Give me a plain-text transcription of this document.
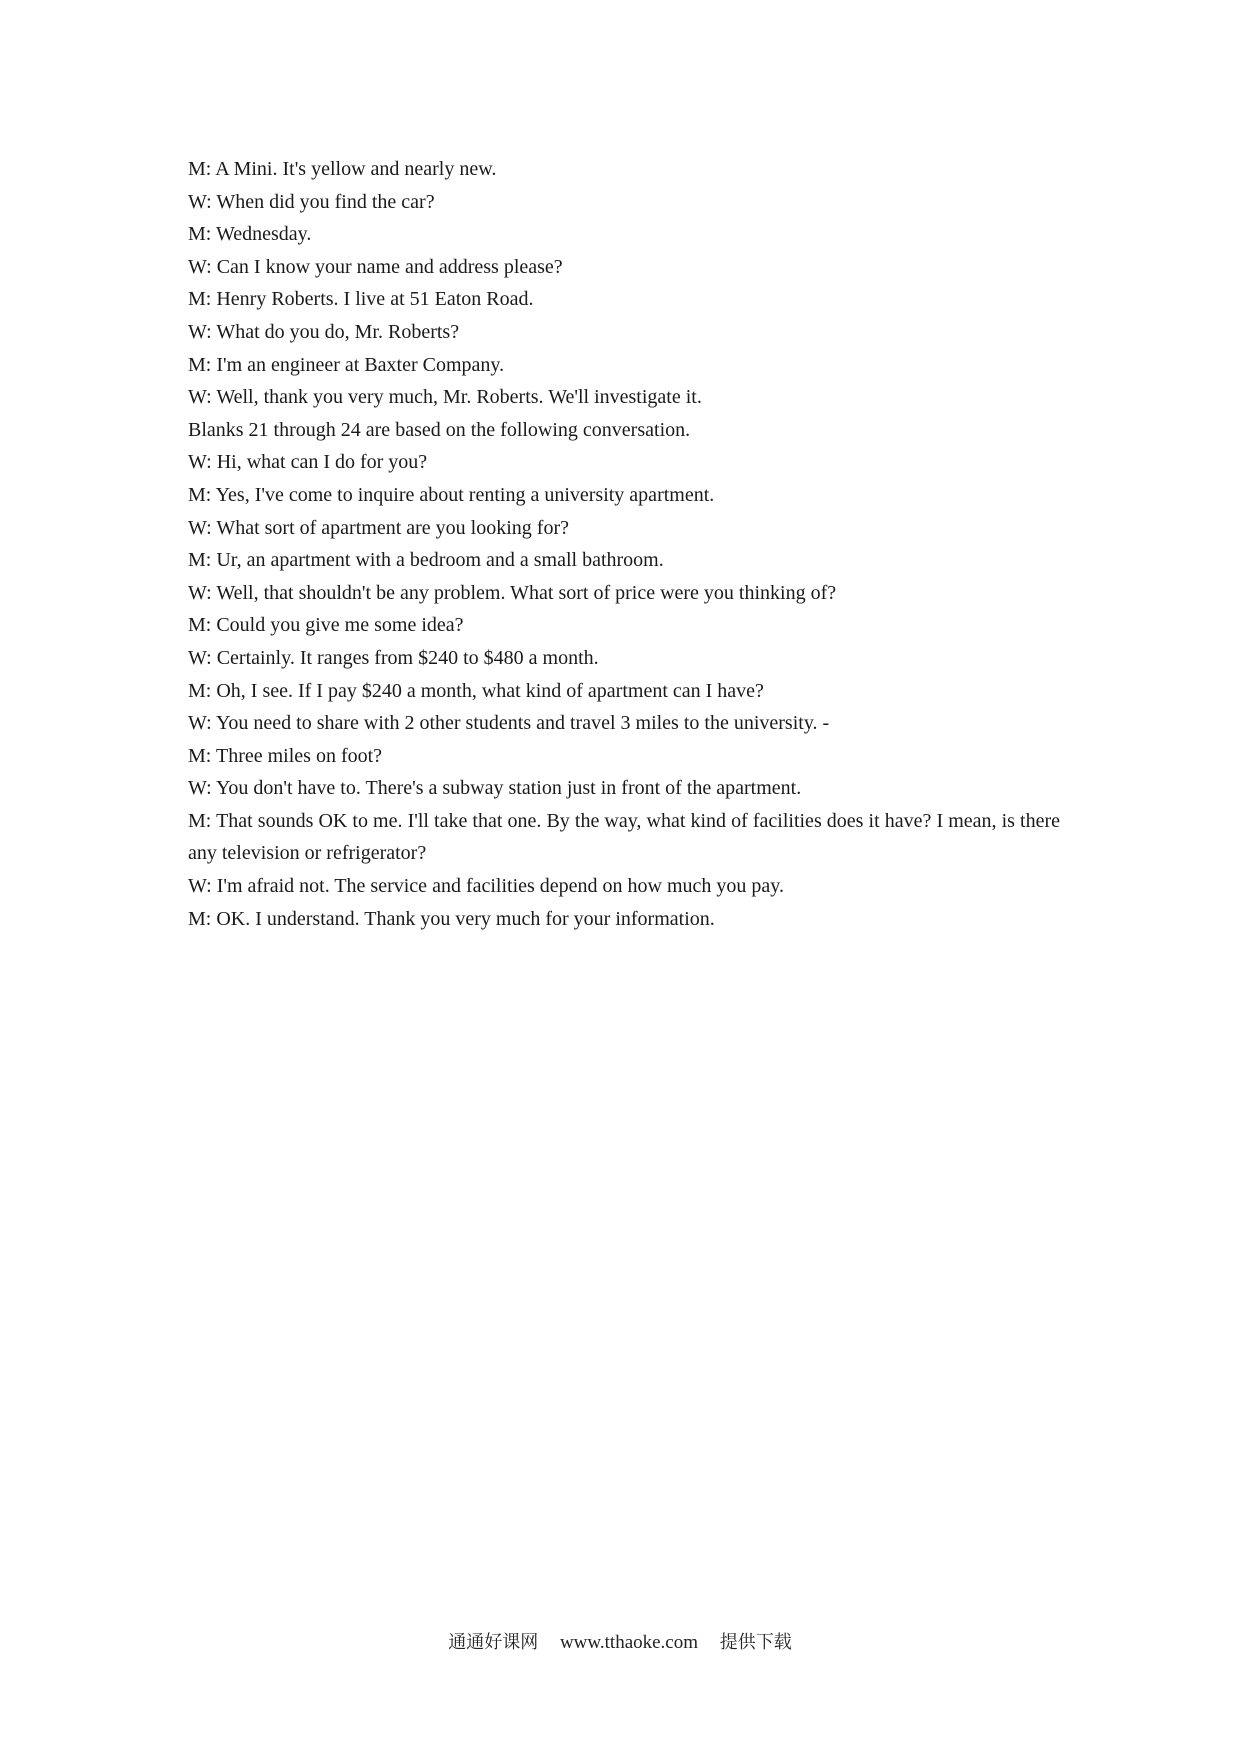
M: A Mini. It's yellow and nearly new.
W: When did you find the car?
M: Wednesday.
W: Can I know your name and address please?
M: Henry Roberts. I live at 51 Eaton Road.
W: What do you do, Mr. Roberts?
M: I'm an engineer at Baxter Company.
W: Well, thank you very much, Mr. Roberts. We'll investigate it.
Blanks 21 through 24 are based on the following conversation.
W: Hi, what can I do for you?
M: Yes, I've come to inquire about renting a university apartment.
W: What sort of apartment are you looking for?
M: Ur, an apartment with a bedroom and a small bathroom.
W: Well, that shouldn't be any problem. What sort of price were you thinking of?
M: Could you give me some idea?
W: Certainly. It ranges from $240 to $480 a month.
M: Oh, I see. If I pay $240 a month, what kind of apartment can I have?
W: You need to share with 2 other students and travel 3 miles to the university. -
M: Three miles on foot?
W: You don't have to. There's a subway station just in front of the apartment.
M: That sounds OK to me. I'll take that one. By the way, what kind of facilities does it have? I mean, is there any television or refrigerator?
W: I'm afraid not. The service and facilities depend on how much you pay.
M: OK. I understand. Thank you very much for your information.
通通好课网 www.tthaoke.com 提供下载
